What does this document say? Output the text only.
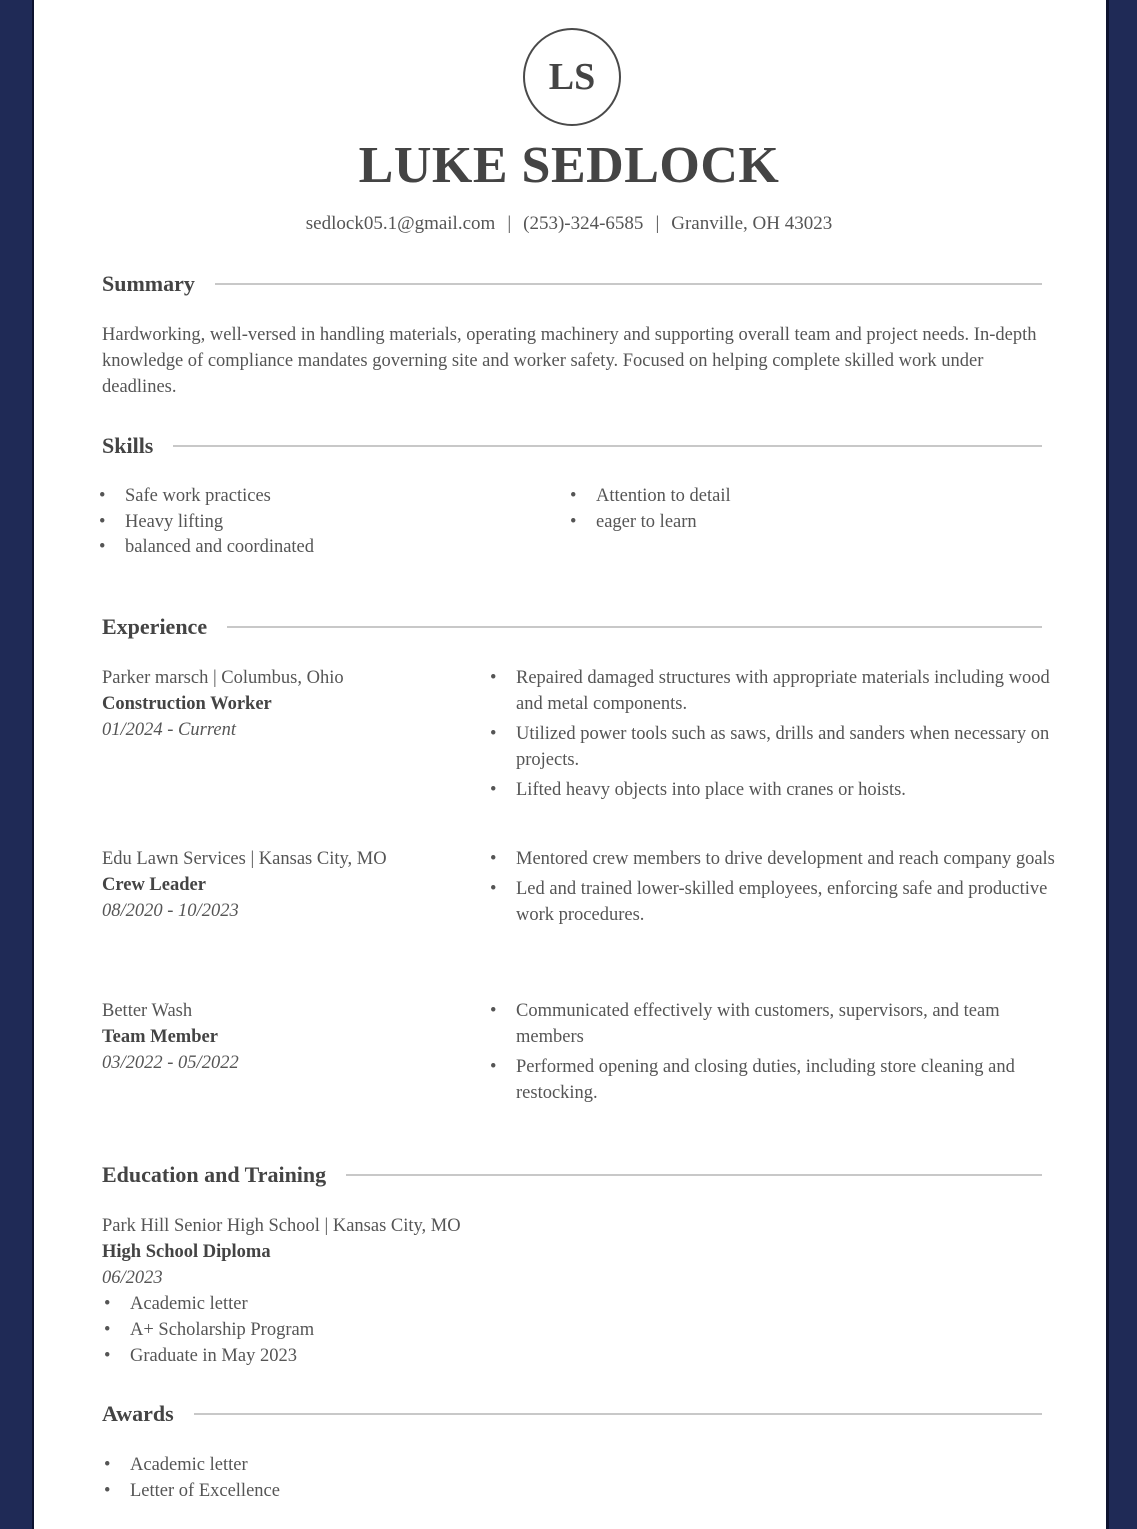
LS
LUKE SEDLOCK
sedlock05.1@gmail.com | (253)-324-6585 | Granville, OH 43023
Summary
Hardworking, well-versed in handling materials, operating machinery and supporting overall team and project needs. In-depth knowledge of compliance mandates governing site and worker safety. Focused on helping complete skilled work under deadlines.
Skills
• Safe work practices
• Heavy lifting
• balanced and coordinated
• Attention to detail
• eager to learn
Experience
Parker marsch | Columbus, Ohio
Construction Worker
01/2024 - Current
• Repaired damaged structures with appropriate materials including wood and metal components.
• Utilized power tools such as saws, drills and sanders when necessary on projects.
• Lifted heavy objects into place with cranes or hoists.
Edu Lawn Services | Kansas City, MO
Crew Leader
08/2020 - 10/2023
• Mentored crew members to drive development and reach company goals
• Led and trained lower-skilled employees, enforcing safe and productive work procedures.
Better Wash
Team Member
03/2022 - 05/2022
• Communicated effectively with customers, supervisors, and team members
• Performed opening and closing duties, including store cleaning and restocking.
Education and Training
Park Hill Senior High School | Kansas City, MO
High School Diploma
06/2023
• Academic letter
• A+ Scholarship Program
• Graduate in May 2023
Awards
• Academic letter
• Letter of Excellence
